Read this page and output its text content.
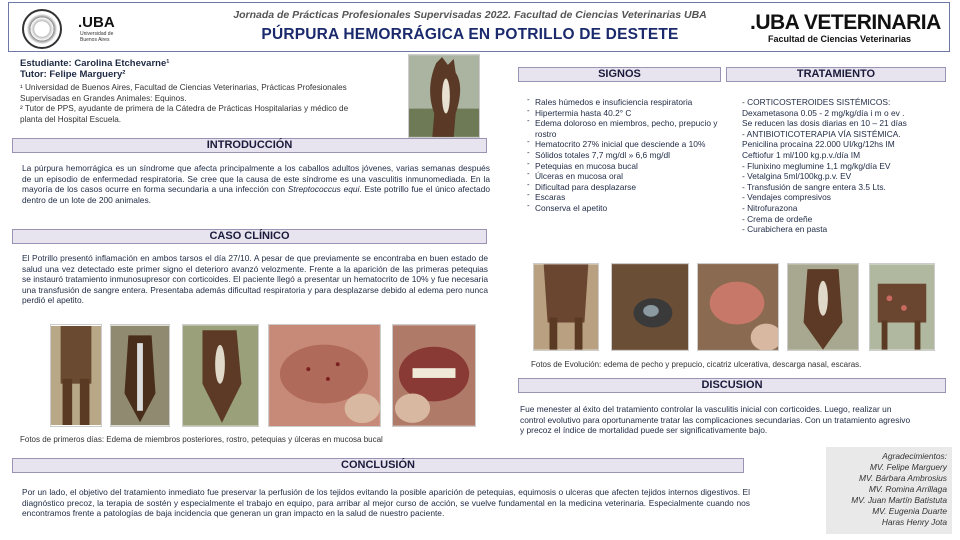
.UBA
Universidad de Buenos Aires
Jornada de Prácticas Profesionales Supervisadas 2022. Facultad de Ciencias Veterinarias UBA
PÚRPURA HEMORRÁGICA EN POTRILLO DE DESTETE
.UBA VETERINARIA
Facultad de Ciencias Veterinarias
Estudiante: Carolina Etchevarne¹
Tutor: Felipe Marguery²
¹ Universidad de Buenos Aires, Facultad de Ciencias Veterinarias, Prácticas Profesionales Supervisadas en Grandes Animales: Equinos.
² Tutor de PPS, ayudante de primera de la Cátedra de Prácticas Hospitalarias y médico de planta del Hospital Escuela.
INTRODUCCIÓN
La púrpura hemorrágica es un síndrome que afecta principalmente a los caballos adultos jóvenes, varias semanas después de un episodio de enfermedad respiratoria. Se cree que la causa de este síndrome es una vasculitis inmunomediada. En la mayoría de los casos ocurre en forma secundaria a una infección con Streptococcus equi. Este potrillo fue el único afectado dentro de un lote de 200 animales.
CASO CLÍNICO
El Potrillo presentó inflamación en ambos tarsos el día 27/10. A pesar de que previamente se encontraba en buen estado de salud una vez detectado este primer signo el deterioro avanzó velozmente. Frente a la aparición de las primeras petequias se instauró tratamiento inmunosupresor con corticoides. El paciente llegó a presentar un hematocrito de 10% y fue necesaria una transfusión de sangre entera. Presentaba además dificultad respiratoria y para desplazarse debido al edema pero nunca perdió el apetito.
Fotos de primeros días: Edema de miembros posteriores, rostro, petequias y úlceras en mucosa bucal
SIGNOS
- Rales húmedos e insuficiencia respiratoria
- Hipertermia hasta 40.2° C
- Edema doloroso en miembros, pecho, prepucio y rostro
- Hematocrito 27% inicial que desciende a 10%
- Sólidos totales 7,7 mg/dl » 6,6 mg/dl
- Petequias en mucosa bucal
- Úlceras en mucosa oral
- Dificultad para desplazarse
- Escaras
- Conserva el apetito
TRATAMIENTO
- CORTICOSTEROIDES SISTÉMICOS:
Dexametasona 0.05 - 2 mg/kg/día i m o ev .
Se reducen las dosis diarias en 10 – 21 días
- ANTIBIOTICOTERAPIA VÍA SISTÉMICA.
Penicilina procaína 22.000 UI/kg/12hs IM
Ceftiofur 1 ml/100 kg.p.v./día IM
- Flunixino meglumine 1,1 mg/kg/día EV
- Vetalgina 5ml/100kg.p.v. EV
- Transfusión de sangre entera 3.5 Lts.
- Vendajes compresivos
- Nitrofurazona
- Crema de ordeñe
- Curabichera en pasta
Fotos de Evolución: edema de pecho y prepucio, cicatriz ulcerativa, descarga nasal, escaras.
DISCUSION
Fue menester al éxito del tratamiento controlar la vasculitis inicial con corticoides. Luego, realizar un control evolutivo para oportunamente tratar las complicaciones secundarias. Con un tratamiento agresivo y precoz el índice de mortalidad puede ser significativamente bajo.
CONCLUSIÓN
Por un lado, el objetivo del tratamiento inmediato fue preservar la perfusión de los tejidos evitando la posible aparición de petequias, equimosis o ulceras que afecten tejidos internos digestivos. El diagnóstico precoz, la terapia de sostén y especialmente el trabajo en equipo, para arribar al mejor curso de acción, se vuelve fundamental en la medicina veterinaria. Especialmente cuando nos encontramos frente a patologías de baja incidencia que generan un gran impacto en la salud de nuestro paciente.
Agradecimientos:
MV. Felipe Marguery
MV. Bárbara Ambrosius
MV. Romina Arrillaga
MV. Juan Martín Batistuta
MV. Eugenia Duarte
Haras Henry Jota
